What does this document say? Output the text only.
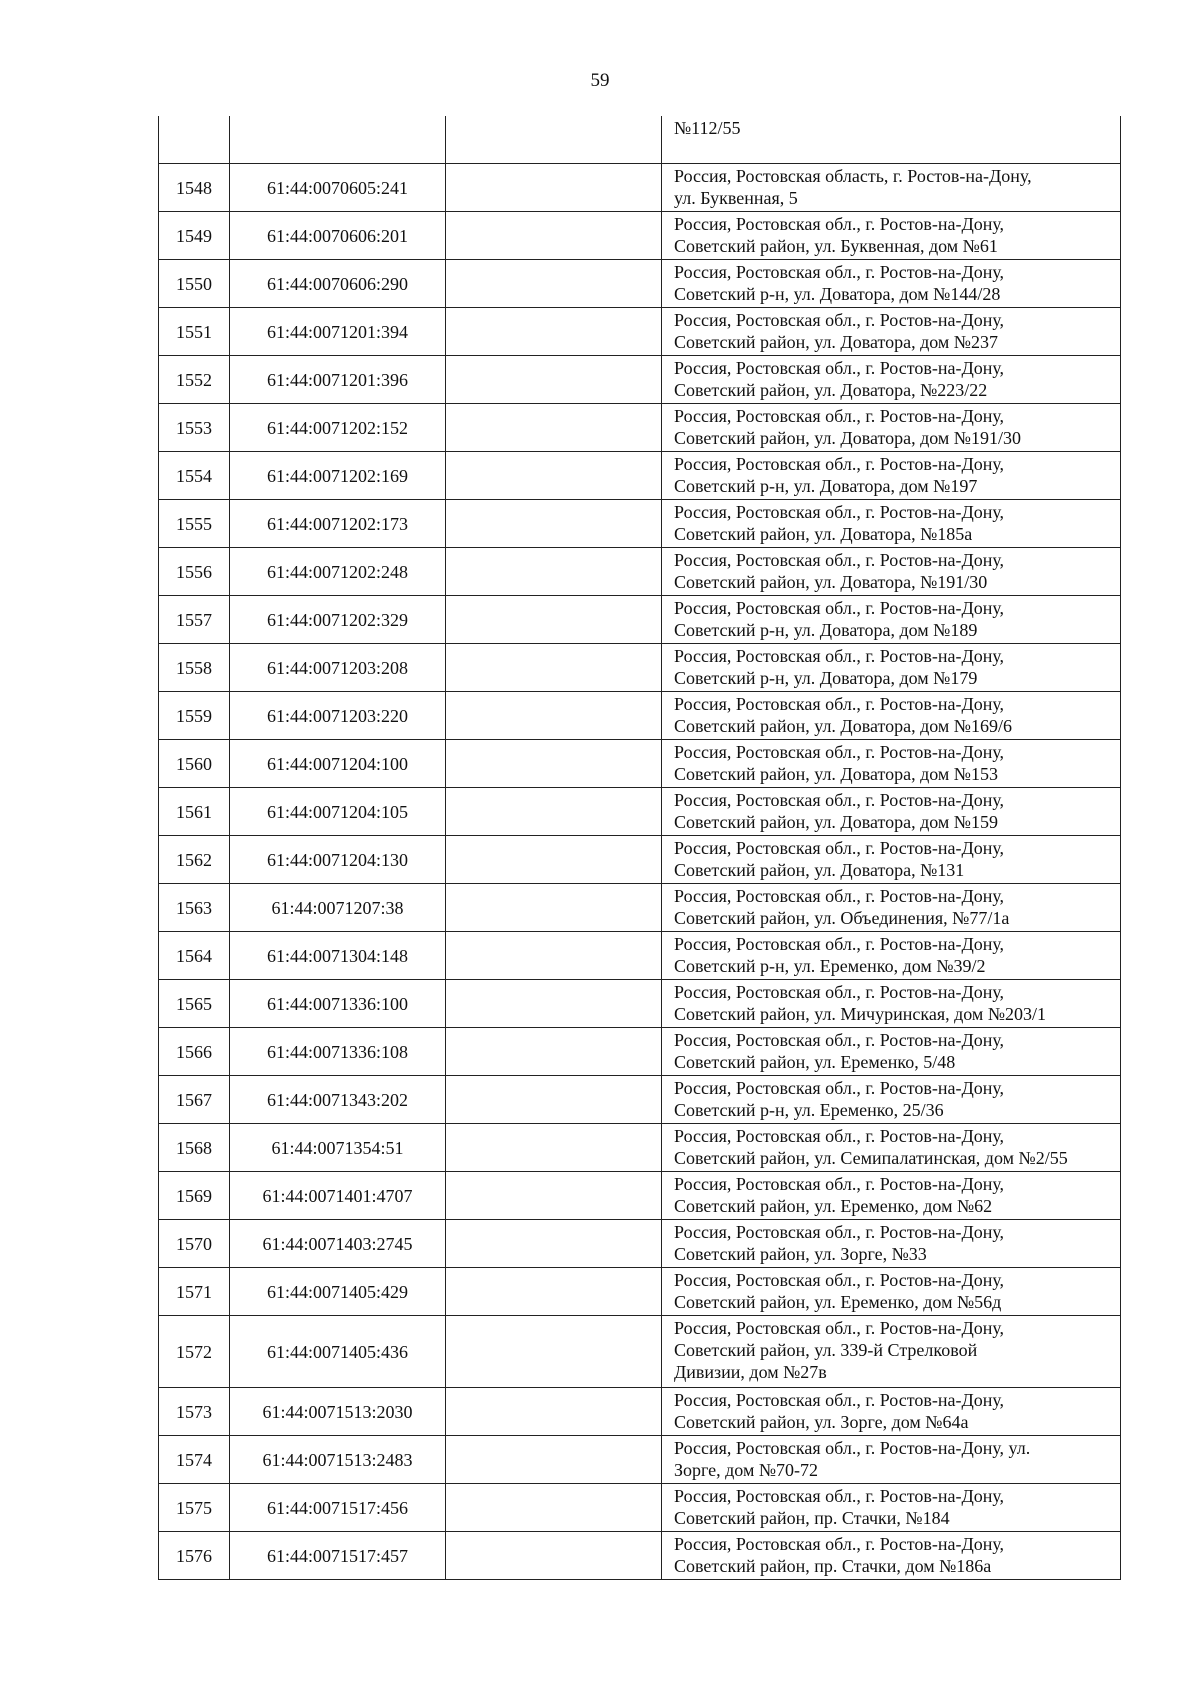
59
			№112/55
1548	61:44:0070605:241		Россия, Ростовская область, г. Ростов-на-Дону,
ул. Буквенная, 5
1549	61:44:0070606:201		Россия, Ростовская обл., г. Ростов-на-Дону,
Советский район, ул. Буквенная, дом №61
1550	61:44:0070606:290		Россия, Ростовская обл., г. Ростов-на-Дону,
Советский р-н, ул. Доватора, дом №144/28
1551	61:44:0071201:394		Россия, Ростовская обл., г. Ростов-на-Дону,
Советский район, ул. Доватора, дом №237
1552	61:44:0071201:396		Россия, Ростовская обл., г. Ростов-на-Дону,
Советский район, ул. Доватора, №223/22
1553	61:44:0071202:152		Россия, Ростовская обл., г. Ростов-на-Дону,
Советский район, ул. Доватора, дом №191/30
1554	61:44:0071202:169		Россия, Ростовская обл., г. Ростов-на-Дону,
Советский р-н, ул. Доватора, дом №197
1555	61:44:0071202:173		Россия, Ростовская обл., г. Ростов-на-Дону,
Советский район, ул. Доватора, №185а
1556	61:44:0071202:248		Россия, Ростовская обл., г. Ростов-на-Дону,
Советский район, ул. Доватора, №191/30
1557	61:44:0071202:329		Россия, Ростовская обл., г. Ростов-на-Дону,
Советский р-н, ул. Доватора, дом №189
1558	61:44:0071203:208		Россия, Ростовская обл., г. Ростов-на-Дону,
Советский р-н, ул. Доватора, дом №179
1559	61:44:0071203:220		Россия, Ростовская обл., г. Ростов-на-Дону,
Советский район, ул. Доватора, дом №169/6
1560	61:44:0071204:100		Россия, Ростовская обл., г. Ростов-на-Дону,
Советский район, ул. Доватора, дом №153
1561	61:44:0071204:105		Россия, Ростовская обл., г. Ростов-на-Дону,
Советский район, ул. Доватора, дом №159
1562	61:44:0071204:130		Россия, Ростовская обл., г. Ростов-на-Дону,
Советский район, ул. Доватора, №131
1563	61:44:0071207:38		Россия, Ростовская обл., г. Ростов-на-Дону,
Советский район, ул. Объединения, №77/1а
1564	61:44:0071304:148		Россия, Ростовская обл., г. Ростов-на-Дону,
Советский р-н, ул. Еременко, дом №39/2
1565	61:44:0071336:100		Россия, Ростовская обл., г. Ростов-на-Дону,
Советский район, ул. Мичуринская, дом №203/1
1566	61:44:0071336:108		Россия, Ростовская обл., г. Ростов-на-Дону,
Советский район, ул. Еременко, 5/48
1567	61:44:0071343:202		Россия, Ростовская обл., г. Ростов-на-Дону,
Советский р-н, ул. Еременко, 25/36
1568	61:44:0071354:51		Россия, Ростовская обл., г. Ростов-на-Дону,
Советский район, ул. Семипалатинская, дом №2/55
1569	61:44:0071401:4707		Россия, Ростовская обл., г. Ростов-на-Дону,
Советский район, ул. Еременко, дом №62
1570	61:44:0071403:2745		Россия, Ростовская обл., г. Ростов-на-Дону,
Советский район, ул. Зорге, №33
1571	61:44:0071405:429		Россия, Ростовская обл., г. Ростов-на-Дону,
Советский район, ул. Еременко, дом №56д
1572	61:44:0071405:436		Россия, Ростовская обл., г. Ростов-на-Дону,
Советский район, ул. 339-й Стрелковой
Дивизии, дом №27в
1573	61:44:0071513:2030		Россия, Ростовская обл., г. Ростов-на-Дону,
Советский район, ул. Зорге, дом №64а
1574	61:44:0071513:2483		Россия, Ростовская обл., г. Ростов-на-Дону, ул.
Зорге, дом №70-72
1575	61:44:0071517:456		Россия, Ростовская обл., г. Ростов-на-Дону,
Советский район, пр. Стачки, №184
1576	61:44:0071517:457		Россия, Ростовская обл., г. Ростов-на-Дону,
Советский район, пр. Стачки, дом №186а
